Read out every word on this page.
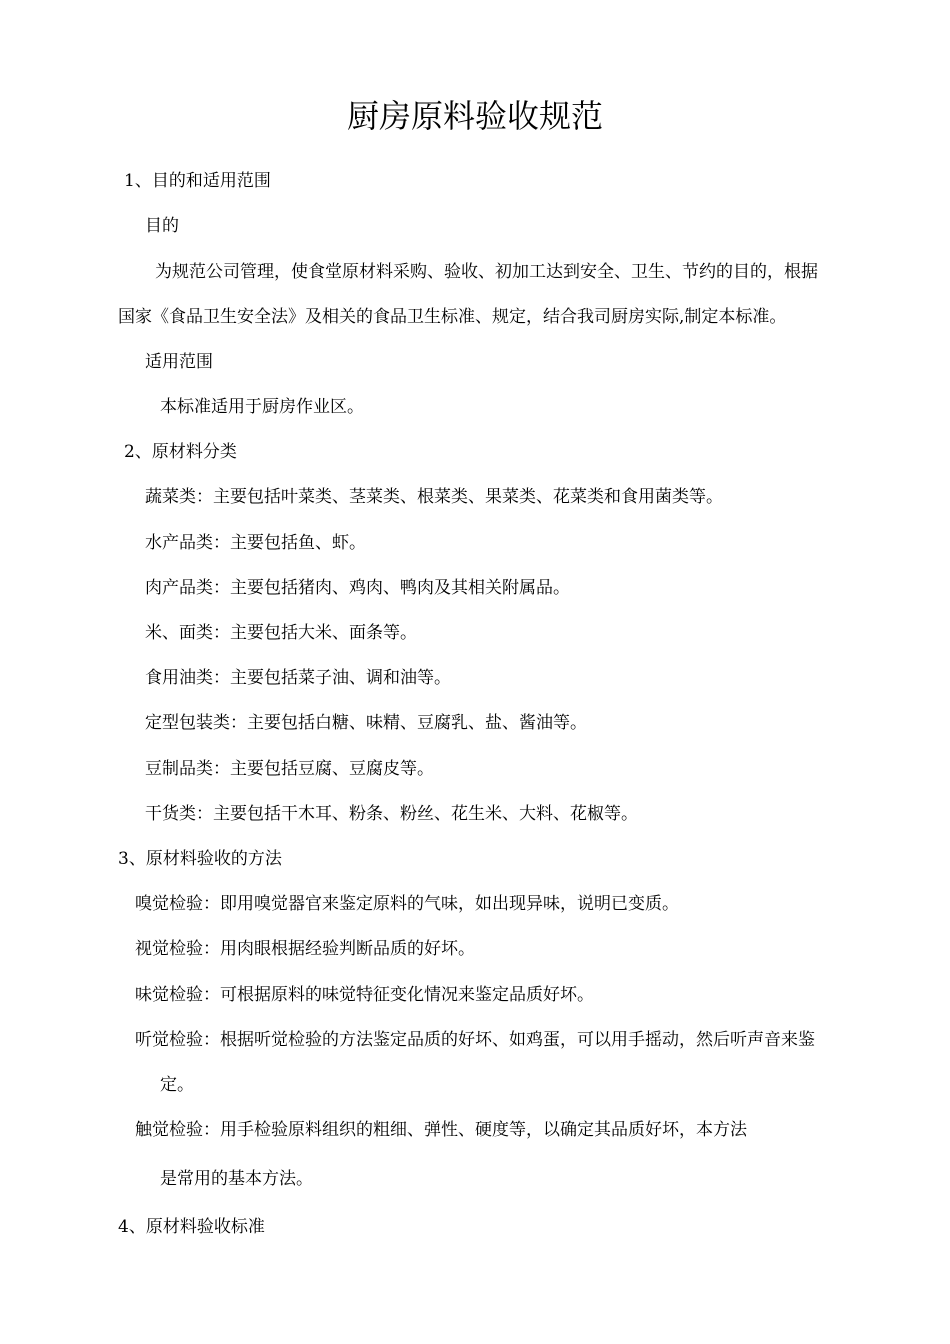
厨房原料验收规范
1、目的和适用范围
目的
为规范公司管理，使食堂原材料采购、验收、初加工达到安全、卫生、节约的目的，根据
国家《食品卫生安全法》及相关的食品卫生标准、规定，结合我司厨房实际,制定本标准。
适用范围
本标准适用于厨房作业区。
2、原材料分类
蔬菜类：主要包括叶菜类、茎菜类、根菜类、果菜类、花菜类和食用菌类等。
水产品类：主要包括鱼、虾。
肉产品类：主要包括猪肉、鸡肉、鸭肉及其相关附属品。
米、面类：主要包括大米、面条等。
食用油类：主要包括菜子油、调和油等。
定型包装类：主要包括白糖、味精、豆腐乳、盐、酱油等。
豆制品类：主要包括豆腐、豆腐皮等。
干货类：主要包括干木耳、粉条、粉丝、花生米、大料、花椒等。
3、原材料验收的方法
嗅觉检验：即用嗅觉器官来鉴定原料的气味，如出现异味，说明已变质。
视觉检验：用肉眼根据经验判断品质的好坏。
味觉检验：可根据原料的味觉特征变化情况来鉴定品质好坏。
听觉检验：根据听觉检验的方法鉴定品质的好坏、如鸡蛋，可以用手摇动，然后听声音来鉴
定。
触觉检验：用手检验原料组织的粗细、弹性、硬度等，以确定其品质好坏，本方法
是常用的基本方法。
4、原材料验收标准
